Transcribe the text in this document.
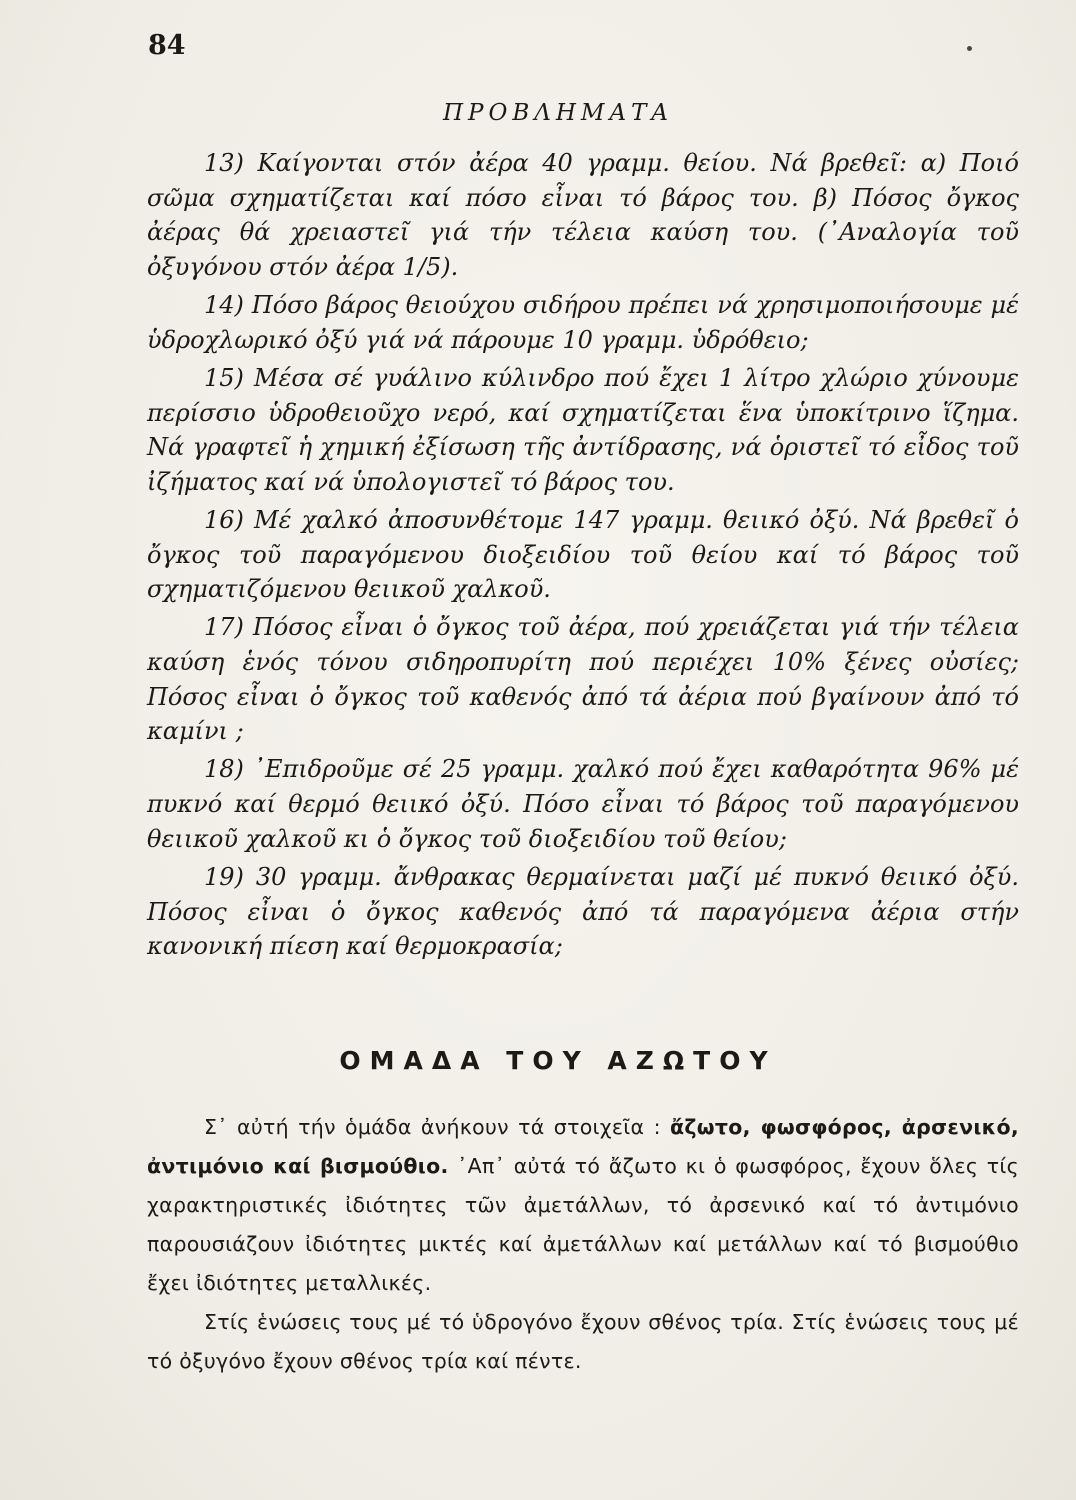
84
ΠΡΟΒΛΗΜΑΤΑ

13) Καίγονται στόν ἀέρα 40 γραμμ. θείου. Νά βρεθεῖ: α) Ποιό σῶμα σχηματίζεται καί πόσο εἶναι τό βάρος του. β) Πόσος ὄγκος ἀέρας θά χρειαστεῖ γιά τήν τέλεια καύση του. (᾿Αναλογία τοῦ ὀξυγόνου στόν ἀέρα 1/5).

14) Πόσο βάρος θειούχου σιδήρου πρέπει νά χρησιμοποιήσουμε μέ ὑδροχλωρικό ὀξύ γιά νά πάρουμε 10 γραμμ. ὑδρόθειο;

15) Μέσα σέ γυάλινο κύλινδρο πού ἔχει 1 λίτρο χλώριο χύνουμε περίσσιο ὑδροθειοῦχο νερό, καί σχηματίζεται ἕνα ὑποκίτρινο ἵζημα. Νά γραφτεῖ ἡ χημική ἐξίσωση τῆς ἀντίδρασης, νά ὁριστεῖ τό εἶδος τοῦ ἰζήματος καί νά ὑπολογιστεῖ τό βάρος του.

16) Μέ χαλκό ἀποσυνθέτομε 147 γραμμ. θειικό ὀξύ. Νά βρεθεῖ ὁ ὄγκος τοῦ παραγόμενου διοξειδίου τοῦ θείου καί τό βάρος τοῦ σχηματιζόμενου θειικοῦ χαλκοῦ.

17) Πόσος εἶναι ὁ ὄγκος τοῦ ἀέρα, πού χρειάζεται γιά τήν τέλεια καύση ἑνός τόνου σιδηροπυρίτη πού περιέχει 10% ξένες οὐσίες; Πόσος εἶναι ὁ ὄγκος τοῦ καθενός ἀπό τά ἀέρια πού βγαίνουν ἀπό τό καμίνι ;

18) ᾿Επιδροῦμε σέ 25 γραμμ. χαλκό πού ἔχει καθαρότητα 96% μέ πυκνό καί θερμό θειικό ὀξύ. Πόσο εἶναι τό βάρος τοῦ παραγόμενου θειικοῦ χαλκοῦ κι ὁ ὄγκος τοῦ διοξειδίου τοῦ θείου;

19) 30 γραμμ. ἄνθρακας θερμαίνεται μαζί μέ πυκνό θειικό ὀξύ. Πόσος εἶναι ὁ ὄγκος καθενός ἀπό τά παραγόμενα ἀέρια στήν κανονική πίεση καί θερμοκρασία;

ΟΜΑΔΑ ΤΟΥ ΑΖΩΤΟΥ

Σ᾿ αὐτή τήν ὁμάδα ἀνήκουν τά στοιχεῖα : ἄζωτο, φωσφόρος, ἀρσενικό, ἀντιμόνιο καί βισμούθιο. ᾿Απ᾿ αὐτά τό ἄζωτο κι ὁ φωσφόρος, ἔχουν ὅλες τίς χαρακτηριστικές ἰδιότητες τῶν ἀμετάλλων, τό ἀρσενικό καί τό ἀντιμόνιο παρουσιάζουν ἰδιότητες μικτές καί ἀμετάλλων καί μετάλλων καί τό βισμούθιο ἔχει ἰδιότητες μεταλλικές.

Στίς ἑνώσεις τους μέ τό ὑδρογόνο ἔχουν σθένος τρία. Στίς ἑνώσεις τους μέ τό ὀξυγόνο ἔχουν σθένος τρία καί πέντε.
